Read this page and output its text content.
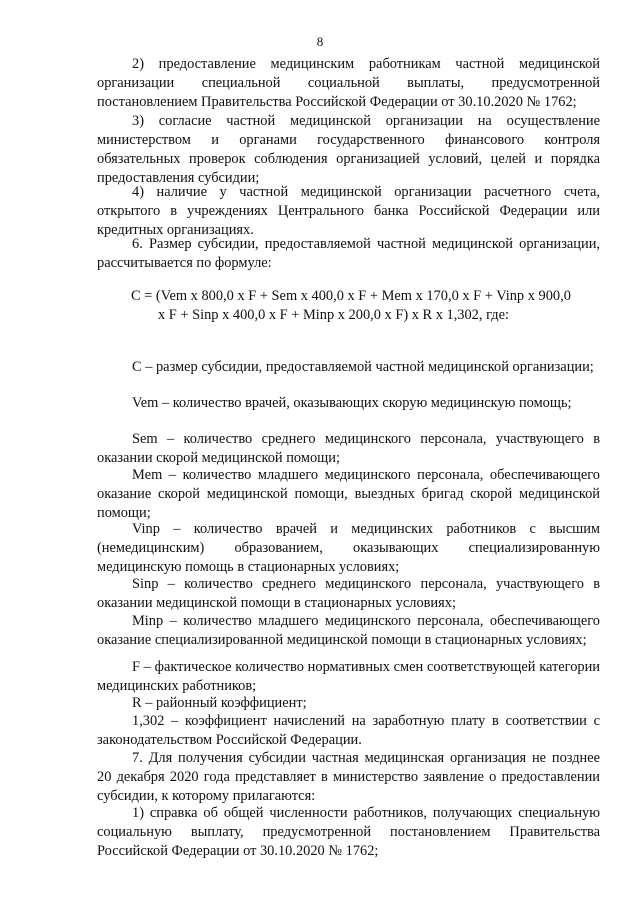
8
2) предоставление медицинским работникам частной медицинской организации специальной социальной выплаты, предусмотренной постановлением Правительства Российской Федерации от 30.10.2020 № 1762;
3) согласие частной медицинской организации на осуществление министерством и органами государственного финансового контроля обязательных проверок соблюдения организацией условий, целей и порядка предоставления субсидии;
4) наличие у частной медицинской организации расчетного счета, открытого в учреждениях Центрального банка Российской Федерации или кредитных организациях.
6. Размер субсидии, предоставляемой частной медицинской организации, рассчитывается по формуле:
С = (Vem x 800,0 x F + Sem x 400,0 x F + Mem x 170,0 x F + Vinp x 900,0
x F + Sinp x 400,0 x F + Minp x 200,0 x F) x R x 1,302, где:
С – размер субсидии, предоставляемой частной медицинской организации;
Vem – количество врачей, оказывающих скорую медицинскую помощь;
Sem – количество среднего медицинского персонала, участвующего в оказании скорой медицинской помощи;
Mem – количество младшего медицинского персонала, обеспечивающего оказание скорой медицинской помощи, выездных бригад скорой медицинской помощи;
Vinp – количество врачей и медицинских работников с высшим (немедицинским) образованием, оказывающих специализированную медицинскую помощь в стационарных условиях;
Sinp – количество среднего медицинского персонала, участвующего в оказании медицинской помощи в стационарных условиях;
Minp – количество младшего медицинского персонала, обеспечивающего оказание специализированной медицинской помощи в стационарных условиях;
F – фактическое количество нормативных смен соответствующей категории медицинских работников;
R – районный коэффициент;
1,302 – коэффициент начислений на заработную плату в соответствии с законодательством Российской Федерации.
7. Для получения субсидии частная медицинская организация не позднее 20 декабря 2020 года представляет в министерство заявление о предоставлении субсидии, к которому прилагаются:
1) справка об общей численности работников, получающих специальную социальную выплату, предусмотренной постановлением Правительства Российской Федерации от 30.10.2020 № 1762;
